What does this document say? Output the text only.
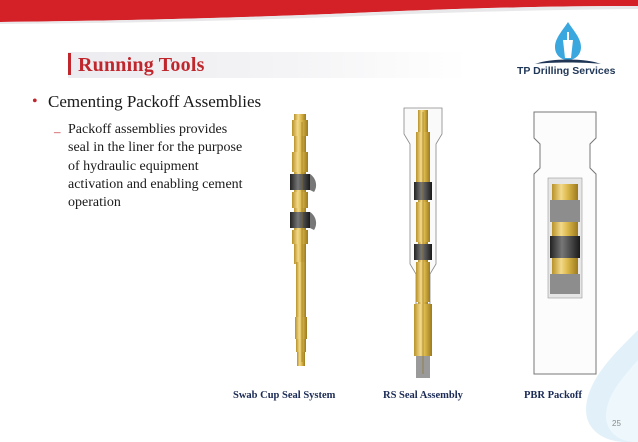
Running Tools	TP Drilling Services
• Cementing Packoff Assemblies
– Packoff assemblies provides
seal in the liner for the purpose
of hydraulic equipment
activation and enabling cement
operation
Swab Cup Seal System	RS Seal Assembly	PBR Packoff
25
